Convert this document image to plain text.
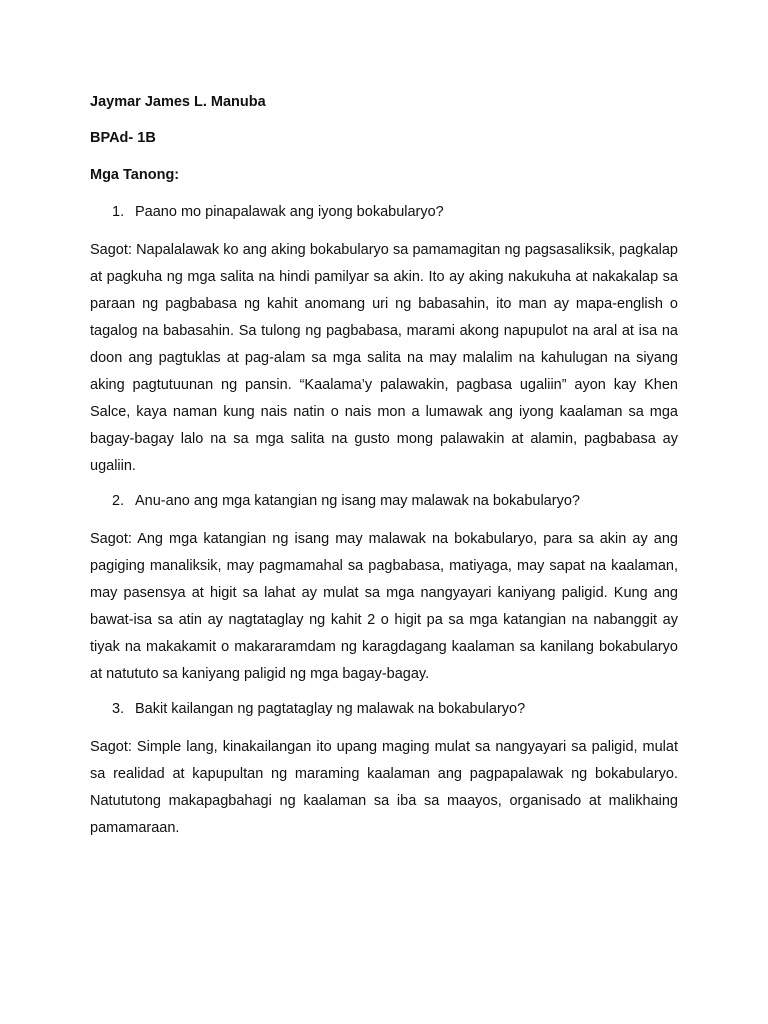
Jaymar James L. Manuba

BPAd- 1B

Mga Tanong:

1. Paano mo pinapalawak ang iyong bokabularyo?

Sagot: Napalalawak ko ang aking bokabularyo sa pamamagitan ng pagsasaliksik, pagkalap at pagkuha ng mga salita na hindi pamilyar sa akin. Ito ay aking nakukuha at nakakalap sa paraan ng pagbabasa ng kahit anomang uri ng babasahin, ito man ay mapa-english o tagalog na babasahin. Sa tulong ng pagbabasa, marami akong napupulot na aral at isa na doon ang pagtuklas at pag-alam sa mga salita na may malalim na kahulugan na siyang aking pagtutuunan ng pansin. “Kaalama’y palawakin, pagbasa ugaliin” ayon kay Khen Salce, kaya naman kung nais natin o nais mon a lumawak ang iyong kaalaman sa mga bagay-bagay lalo na sa mga salita na gusto mong palawakin at alamin, pagbabasa ay ugaliin.

2. Anu-ano ang mga katangian ng isang may malawak na bokabularyo?

Sagot: Ang mga katangian ng isang may malawak na bokabularyo, para sa akin ay ang pagiging manaliksik, may pagmamahal sa pagbabasa, matiyaga, may sapat na kaalaman, may pasensya at higit sa lahat ay mulat sa mga nangyayari kaniyang paligid. Kung ang bawat-isa sa atin ay nagtataglay ng kahit 2 o higit pa sa mga katangian na nabanggit ay tiyak na makakamit o makararamdam ng karagdagang kaalaman sa kanilang bokabularyo at natututo sa kaniyang paligid ng mga bagay-bagay.

3. Bakit kailangan ng pagtataglay ng malawak na bokabularyo?

Sagot: Simple lang, kinakailangan ito upang maging mulat sa nangyayari sa paligid, mulat sa realidad at kapupultan ng maraming kaalaman ang pagpapalawak ng bokabularyo. Natututong makapagbahagi ng kaalaman sa iba sa maayos, organisado at malikhaing pamamaraan.
